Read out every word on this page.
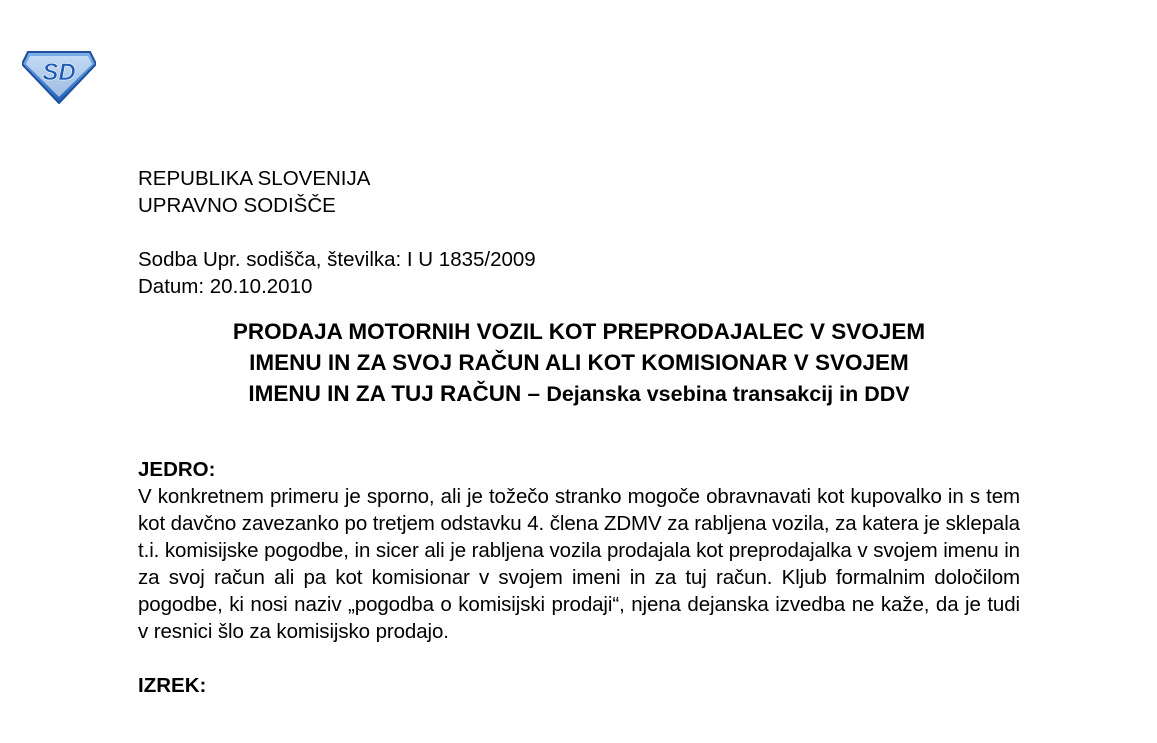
SD
REPUBLIKA SLOVENIJA
UPRAVNO SODIŠČE
Sodba Upr. sodišča, številka: I U 1835/2009
Datum: 20.10.2010
PRODAJA MOTORNIH VOZIL KOT PREPRODAJALEC V SVOJEM
IMENU IN ZA SVOJ RAČUN ALI KOT KOMISIONAR V SVOJEM
IMENU IN ZA TUJ RAČUN – Dejanska vsebina transakcij in DDV
JEDRO:
V konkretnem primeru je sporno, ali je tožečo stranko mogoče obravnavati kot kupovalko in s tem kot davčno zavezanko po tretjem odstavku 4. člena ZDMV za rabljena vozila, za katera je sklepala t.i. komisijske pogodbe, in sicer ali je rabljena vozila prodajala kot preprodajalka v svojem imenu in za svoj račun ali pa kot komisionar v svojem imeni in za tuj račun. Kljub formalnim določilom pogodbe, ki nosi naziv „pogodba o komisijski prodaji“, njena dejanska izvedba ne kaže, da je tudi v resnici šlo za komisijsko prodajo.
IZREK:
